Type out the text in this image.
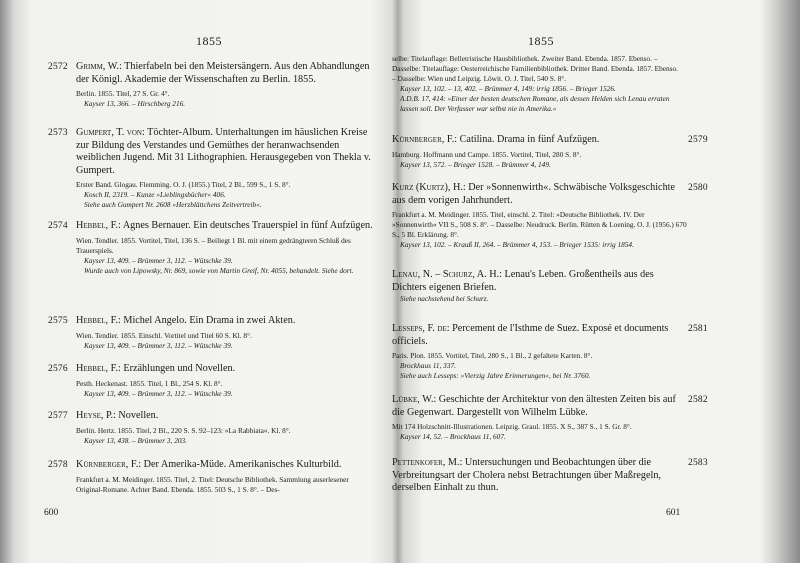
1855
2572 Grimm, W.: Thierfabeln bei den Meistersängern. Aus den Abhandlungen der Königl. Akademie der Wissenschaften zu Berlin. 1855.

Berlin. 1855. Titel, 27 S. Gr. 4°.

Kayser 13, 366. – Hirschberg 216.

2573 Gumpert, T. von: Töchter-Album. Unterhaltungen im häuslichen Kreise zur Bildung des Verstandes und Gemüthes der heranwachsenden weiblichen Jugend. Mit 31 Lithographien. Herausgegeben von Thekla v. Gumpert.

Erster Band. Glogau. Flemming. O. J. (1855.) Titel, 2 Bl., 599 S., 1 S. 8°.

Kosch II, 2319. – Kunze »Lieblingsbücher« 406.

Siehe auch Gumpert Nr. 2608 »Herzblättchens Zeitvertreib«.

2574 Hebbel, F.: Agnes Bernauer. Ein deutsches Trauerspiel in fünf Aufzügen.

Wien. Tendler. 1855. Vortitel, Titel, 136 S. – Beiliegt 1 Bl. mit einem gedrängteren Schluß des Trauerspiels.

Kayser 13, 409. – Brümmer 3, 112. – Wütschke 39.

Wurde auch von Lipowsky, Nr. 869, sowie von Martin Greif, Nr. 4055, behandelt. Siehe dort.

2575 Hebbel, F.: Michel Angelo. Ein Drama in zwei Akten.

Wien. Tendler. 1855. Einschl. Vortitel und Titel 60 S. Kl. 8°.

Kayser 13, 409. – Brümmer 3, 112. – Wütschke 39.

2576 Hebbel, F.: Erzählungen und Novellen.

Pesth. Heckenast. 1855. Titel, 1 Bl., 254 S. Kl. 8°.

Kayser 13, 409. – Brümmer 3, 112. – Wütschke 39.

2577 Heyse, P.: Novellen.

Berlin. Hertz. 1855. Titel, 2 Bl., 220 S. S. 92–123: »La Rabbiata«. Kl. 8°.

Kayser 13, 438. – Brümmer 3, 203.

2578 Kürnberger, F.: Der Amerika-Müde. Amerikanisches Kulturbild.

Frankfurt a. M. Meidinger. 1855. Titel, 2. Titel: Deutsche Bibliothek. Sammlung auserlesener Original-Romane. Achter Band. Ebenda. 1855. 503 S., 1 S. 8°. – Des-

600
1855

selbe: Titelauflage: Belletristische Hausbibliothek. Zweiter Band. Ebenda. 1857. Ebenso. – Dasselbe: Titelauflage: Oesterreichische Familienbibliothek. Dritter Band. Ebenda. 1857. Ebenso. – Dasselbe: Wien und Leipzig. Löwit. O. J. Titel, 540 S. 8°.

Kayser 13, 102. – 13, 402. – Brümmer 4, 149: irrig 1856. – Brieger 1526.

A.D.B. 17, 414: »Einer der besten deutschen Romane, als dessen Helden sich Lenau erraten lassen soll. Der Verfasser war selbst nie in Amerika.«

2579

Kürnberger, F.: Catilina. Drama in fünf Aufzügen.

Hamburg. Hoffmann und Campe. 1855. Vortitel, Titel, 280 S. 8°.

Kayser 13, 572. – Brieger 1528. – Brümmer 4, 149.

2580

Kurz (Kurtz), H.: Der »Sonnenwirth«. Schwäbische Volksgeschichte aus dem vorigen Jahrhundert.

Frankfurt a. M. Meidinger. 1855. Titel, einschl. 2. Titel: »Deutsche Bibliothek. IV. Der »Sonnenwirth« VII S., 508 S. 8°. – Dasselbe: Neudruck. Berlin. Rütten & Loening. O. J. (1956.) 670 S., 5 Bl. Erklärung. 8°.

Kayser 13, 102. – Krauß II, 264. – Brümmer 4, 153. – Brieger 1535: irrig 1854.

Lenau, N. – Schurz, A. H.: Lenau's Leben. Großentheils aus des Dichters eigenen Briefen.

Siehe nachstehend bei Schurz.

2581

Lesseps, F. de: Percement de l'Isthme de Suez. Exposé et documents officiels.

Paris. Plon. 1855. Vortitel, Titel, 280 S., 1 Bl., 2 gefaltete Karten. 8°.

Brockhaus 11, 337.

Siehe auch Lesseps: »Vierzig Jahre Erinnerungen«, bei Nr. 3760.

2582

Lübke, W.: Geschichte der Architektur von den ältesten Zeiten bis auf die Gegenwart. Dargestellt von Wilhelm Lübke.

Mit 174 Holzschnitt-Illustrationen. Leipzig. Graul. 1855. X S., 387 S., 1 S. Gr. 8°.

Kayser 14, 52. – Brockhaus 11, 607.

2583

Pettenkofer, M.: Untersuchungen und Beobachtungen über die Verbreitungsart der Cholera nebst Betrachtungen über Maßregeln, derselben Einhalt zu thun.

601
